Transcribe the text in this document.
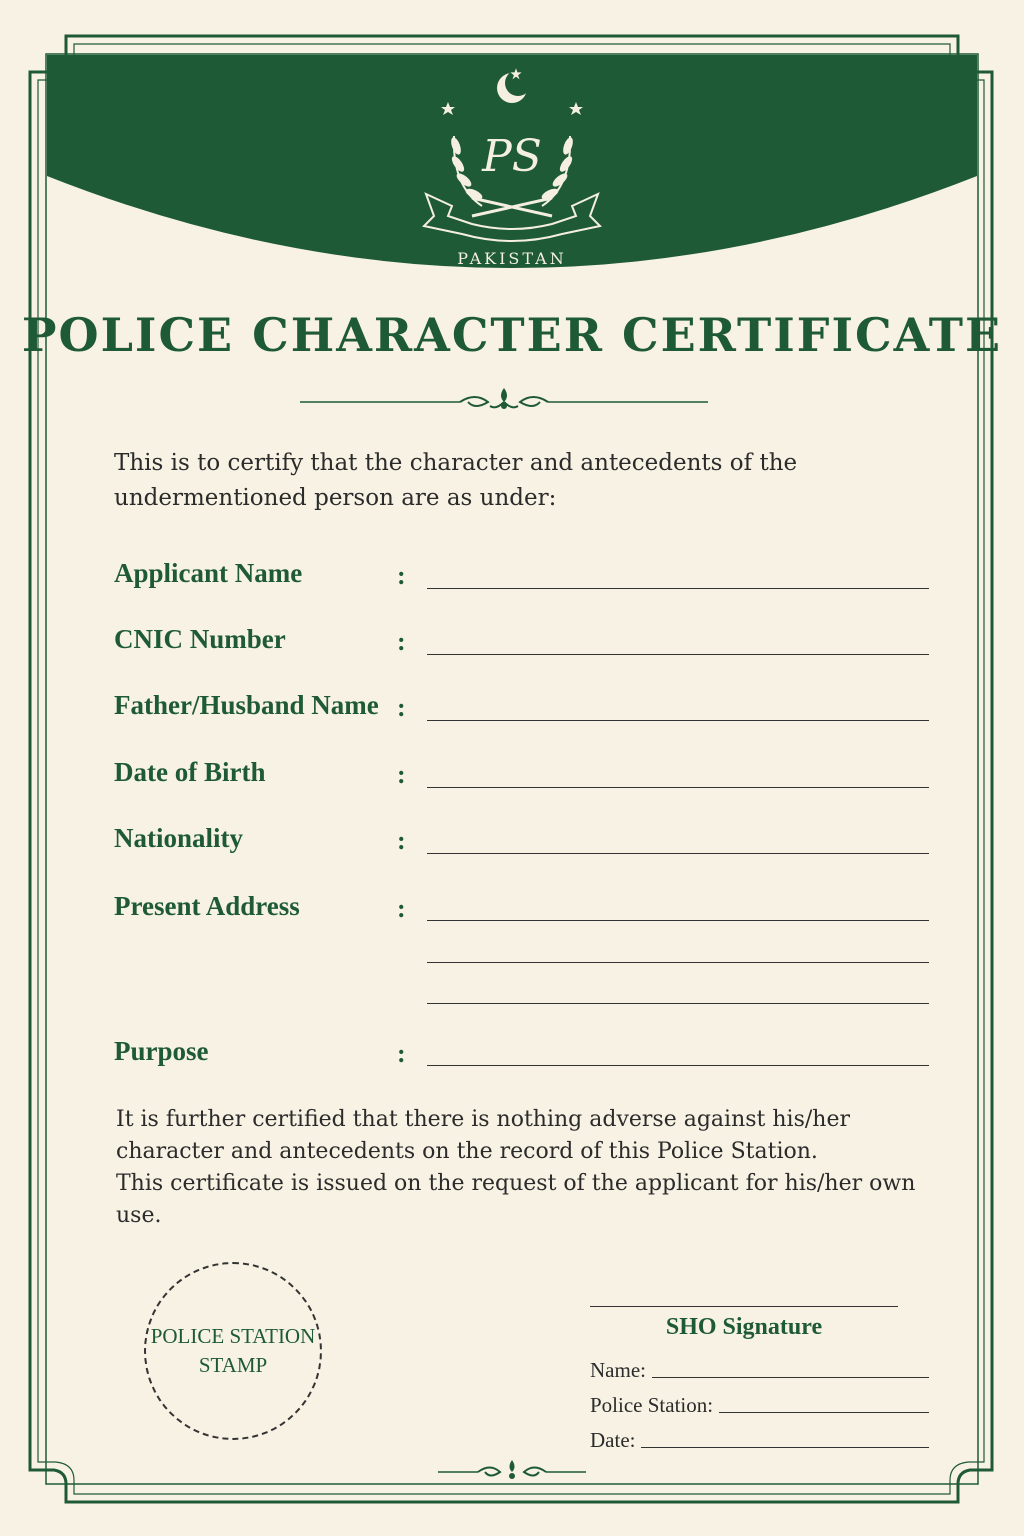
PS
PAKISTAN
POLICE CHARACTER CERTIFICATE

This is to certify that the character and antecedents of the undermentioned person are as under:

Applicant Name	:
CNIC Number	:
Father/Husband Name :
Date of Birth	:
Nationality	:
Present Address	:
Purpose	:
It is further certified that there is nothing adverse against his/her character and antecedents on the record of this Police Station.
This certificate is issued on the request of the applicant for his/her own use.
POLICE STATION
STAMP
SHO Signature
Name:
Police Station:
Date:
